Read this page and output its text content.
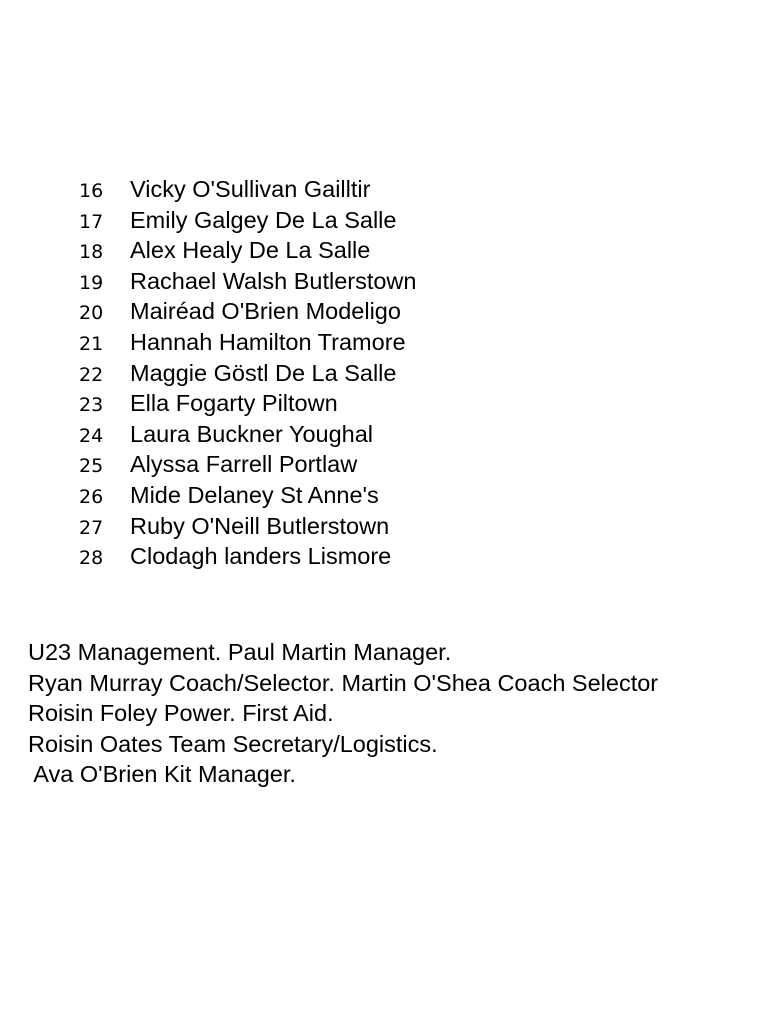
16 Vicky O'Sullivan Gailltir
17 Emily Galgey De La Salle
18 Alex Healy De La Salle
19 Rachael Walsh Butlerstown
20 Mairéad O'Brien Modeligo
21 Hannah Hamilton Tramore
22 Maggie Göstl De La Salle
23 Ella Fogarty Piltown
24 Laura Buckner Youghal
25 Alyssa Farrell Portlaw
26 Mide Delaney St Anne's
27 Ruby O'Neill Butlerstown
28 Clodagh landers Lismore
U23 Management. Paul Martin Manager.
Ryan Murray Coach/Selector. Martin O'Shea Coach Selector
Roisin Foley Power. First Aid.
Roisin Oates Team Secretary/Logistics.
Ava O'Brien Kit Manager.
